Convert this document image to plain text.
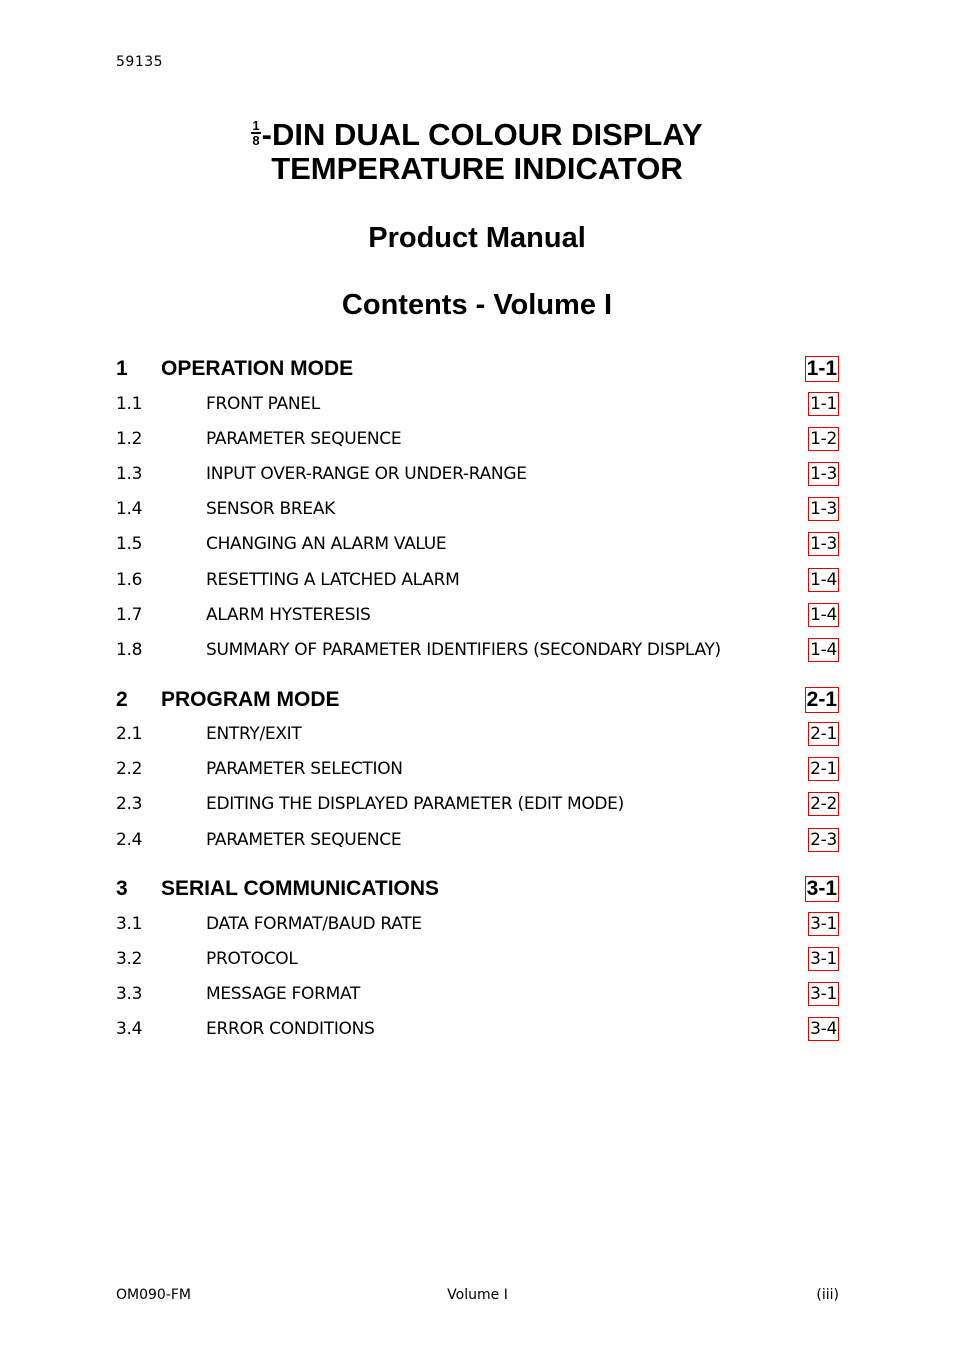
59135
$\frac{1}{8} -DIN$ DUAL COLOUR DISPLAY
TEMPERATURE INDICATOR
Product Manual
Contents - Volume I
1	OPERATION MODE	1-1
1.1	FRONT PANEL	1-1
1.2	PARAMETER SEQUENCE	1-2
1.3	INPUT OVER-RANGE OR UNDER-RANGE	1-3
1.4	SENSOR BREAK	1-3
1.5	CHANGING AN ALARM VALUE	1-3
1.6	RESETTING A LATCHED ALARM	1-4
1.7	ALARM HYSTERESIS	1-4
1.8	SUMMARY OF PARAMETER IDENTIFIERS (SECONDARY DISPLAY)	1-4
2	PROGRAM MODE	2-1
2.1	ENTRY/EXIT	2-1
2.2	PARAMETER SELECTION	2-1
2.3	EDITING THE DISPLAYED PARAMETER (EDIT MODE)	2-2
2.4	PARAMETER SEQUENCE	2-3
3	SERIAL COMMUNICATIONS	3-1
3.1	DATA FORMAT/BAUD RATE	3-1
3.2	PROTOCOL	3-1
3.3	MESSAGE FORMAT	3-1
3.4	ERROR CONDITIONS	3-4
OM090-FM	Volume I	(iii)
